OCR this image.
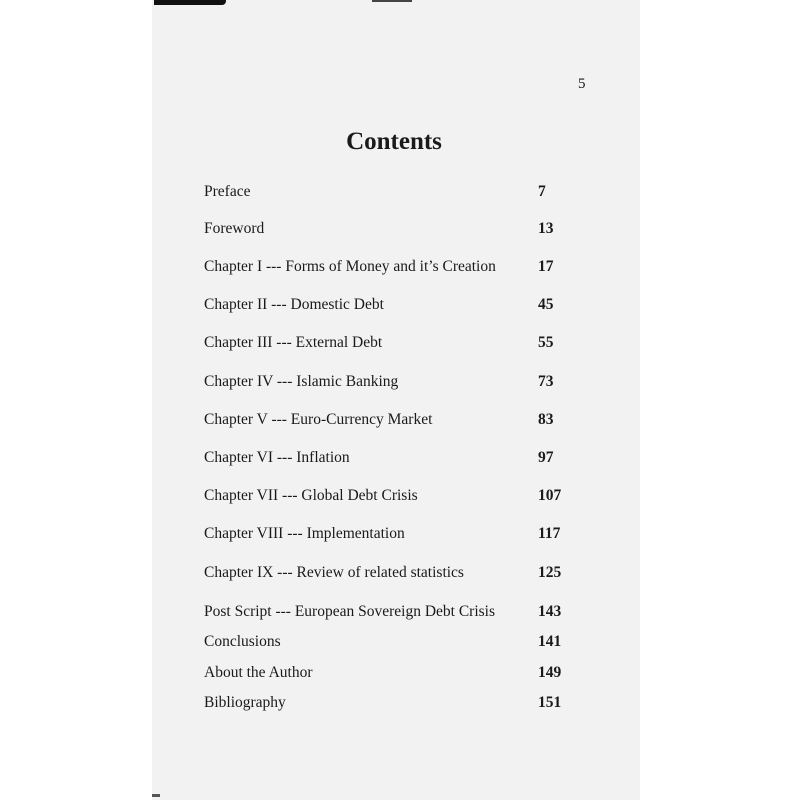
5
Contents
Preface	7
Foreword	13
Chapter I --- Forms of Money and it’s Creation	17
Chapter II --- Domestic Debt	45
Chapter III --- External Debt	55
Chapter IV --- Islamic Banking	73
Chapter V --- Euro-Currency Market	83
Chapter VI --- Inflation	97
Chapter VII --- Global Debt Crisis	107
Chapter VIII --- Implementation	117
Chapter IX --- Review of related statistics	125
Post Script --- European Sovereign Debt Crisis	143
Conclusions	141
About the Author	149
Bibliography	151
